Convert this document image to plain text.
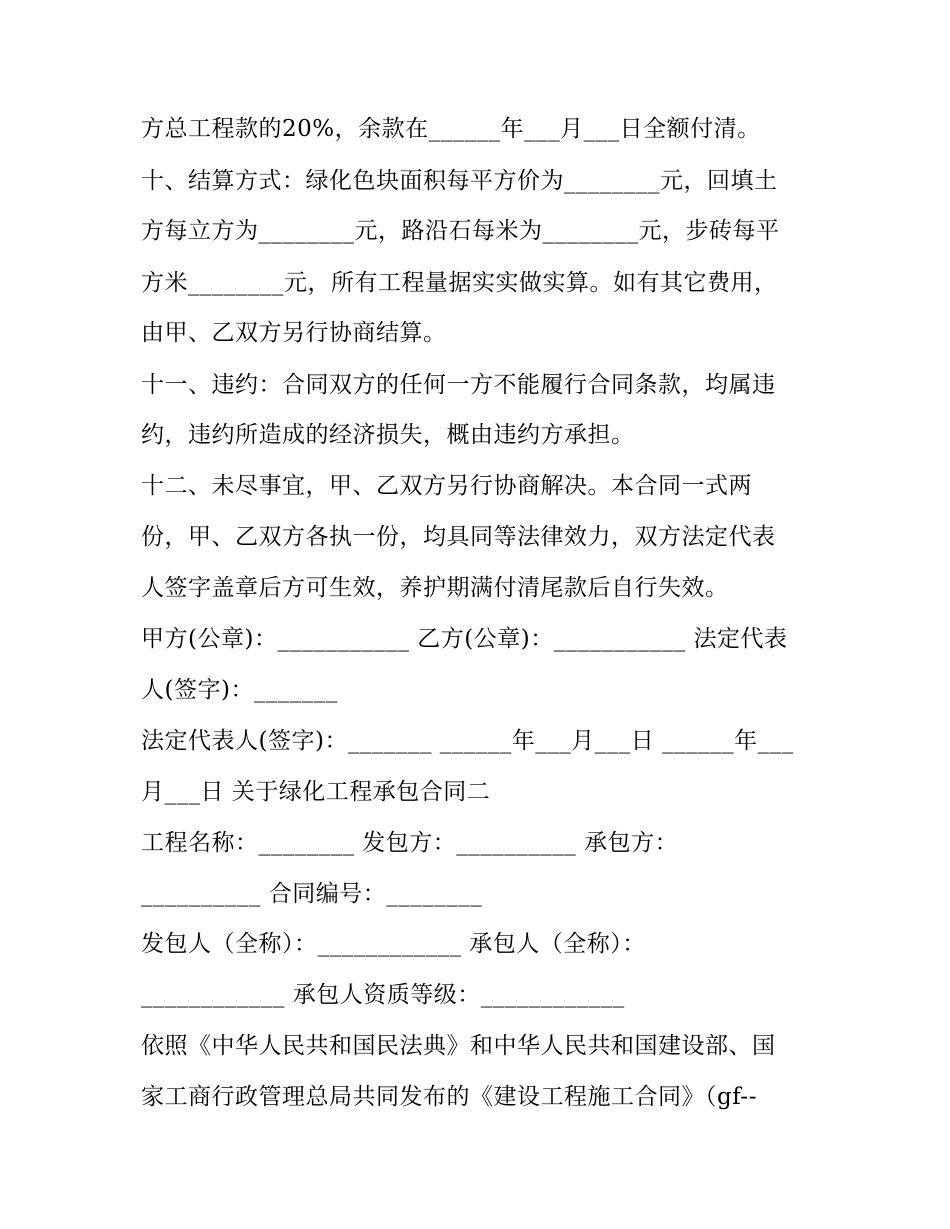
方总工程款的20%，余款在______年___月___日全额付清。

十、结算方式：绿化色块面积每平方价为________元，回填土

方每立方为________元，路沿石每米为________元，步砖每平

方米________元，所有工程量据实实做实算。如有其它费用，

由甲、乙双方另行协商结算。

十一、违约：合同双方的任何一方不能履行合同条款，均属违

约，违约所造成的经济损失，概由违约方承担。

十二、未尽事宜，甲、乙双方另行协商解决。本合同一式两

份，甲、乙双方各执一份，均具同等法律效力，双方法定代表

人签字盖章后方可生效，养护期满付清尾款后自行失效。

甲方(公章)：___________ 乙方(公章)：___________ 法定代表

人(签字)：_______

法定代表人(签字)：_______ ______年___月___日 ______年___

月___日 关于绿化工程承包合同二

工程名称：________ 发包方：__________ 承包方：

__________ 合同编号：________

发包人（全称）：____________ 承包人（全称）：

____________ 承包人资质等级：____________

依照《中华人民共和国民法典》和中华人民共和国建设部、国

家工商行政管理总局共同发布的《建设工程施工合同》（gf--
